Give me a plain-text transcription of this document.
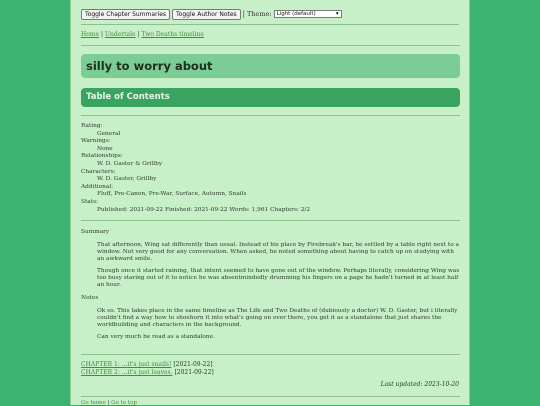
Toggle Chapter Summaries	Toggle Author Notes | Theme: Light (default)	▾
Home | Undertale | Two Deaths timeline
silly to worry about
Table of Contents
Rating:
General
Warnings:
None
Relationships:
W. D. Gaster & Grillby
Characters:
W. D. Gaster, Grillby
Additional:
Fluff, Pre-Canon, Pre-War, Surface, Autumn, Snails
Stats:
Published: 2021-09-22 Finished: 2021-09-22 Words: 1,961 Chapters: 2/2
Summary

That afternoon, Wing sat differently than usual. Instead of his place by Firebreak's bar, he settled by a table right next to a window. Not very good for any conversation. When asked, he noted something about having to catch up on studying with an awkward smile.

Though once it started raining, that intent seemed to have gone out of the window. Perhaps literally, considering Wing was too busy staring out of it to notice he was absentmindedly drumming his fingers on a page he hadn't turned in at least half an hour.

Notes

Ok so. This takes place in the same timeline as The Life and Two Deaths of (dubiously a doctor) W. D. Gaster, but i literally couldn't find a way how to shoehorn it into what's going on over there, you get it as a standalone that just shares the worldbuilding and characters in the background.

Can very much be read as a standalone.

CHAPTER 1: ...it's just snails! [2021-09-22]
CHAPTER 2: ...it's just leaves. [2021-09-22]
Last updated: 2023-10-20
Go home | Go to top
